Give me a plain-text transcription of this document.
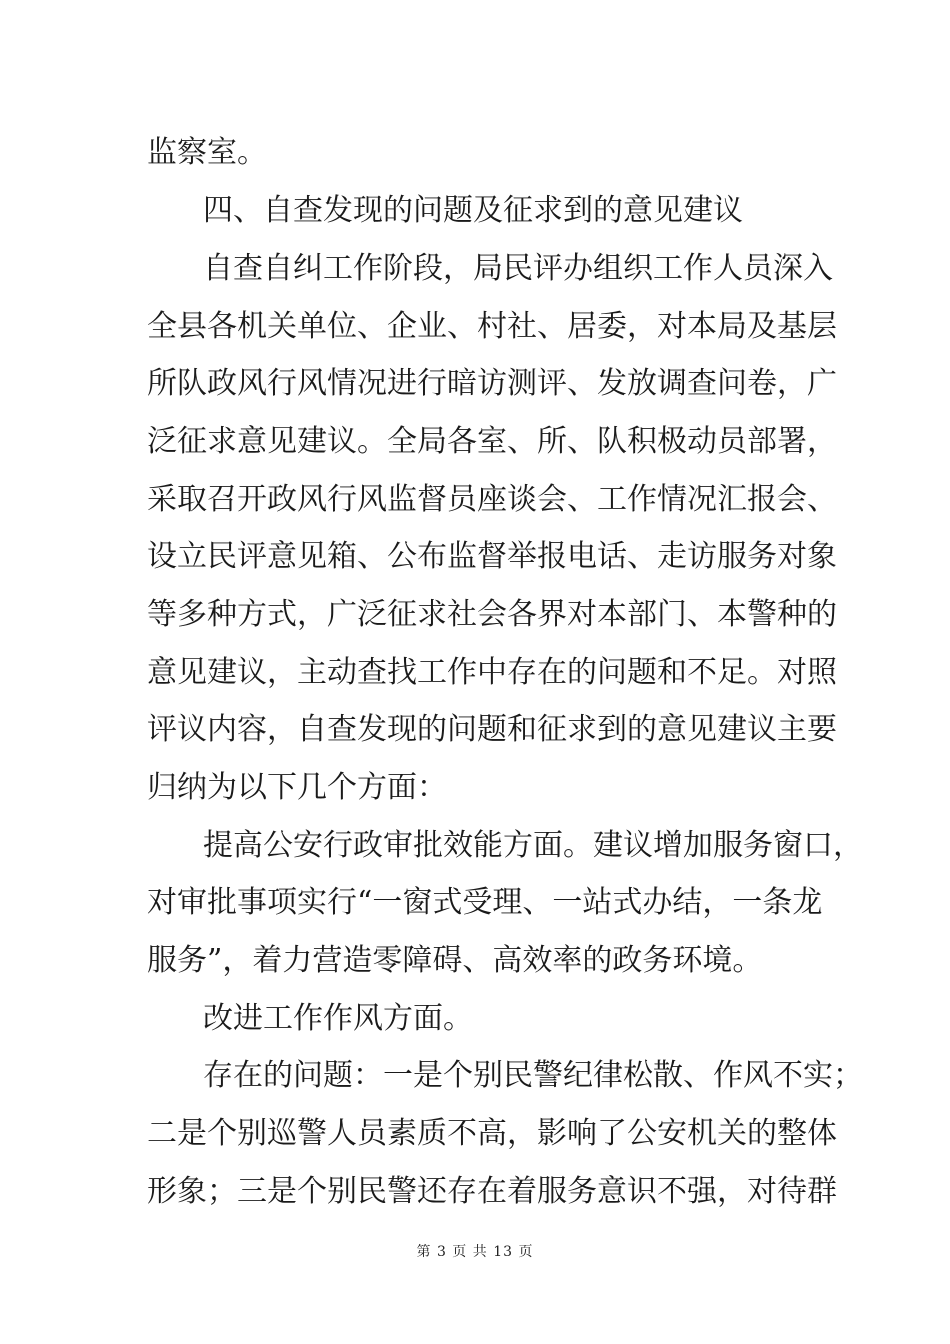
监察室。
四、自查发现的问题及征求到的意见建议
自查自纠工作阶段，局民评办组织工作人员深入
全县各机关单位、企业、村社、居委，对本局及基层
所队政风行风情况进行暗访测评、发放调查问卷，广
泛征求意见建议。全局各室、所、队积极动员部署，
采取召开政风行风监督员座谈会、工作情况汇报会、
设立民评意见箱、公布监督举报电话、走访服务对象
等多种方式，广泛征求社会各界对本部门、本警种的
意见建议，主动查找工作中存在的问题和不足。对照
评议内容，自查发现的问题和征求到的意见建议主要
归纳为以下几个方面：
提高公安行政审批效能方面。建议增加服务窗口，
对审批事项实行“一窗式受理、一站式办结，一条龙
服务”，着力营造零障碍、高效率的政务环境。
改进工作作风方面。
存在的问题：一是个别民警纪律松散、作风不实；
二是个别巡警人员素质不高，影响了公安机关的整体
形象；三是个别民警还存在着服务意识不强，对待群
第 3 页 共 13 页
